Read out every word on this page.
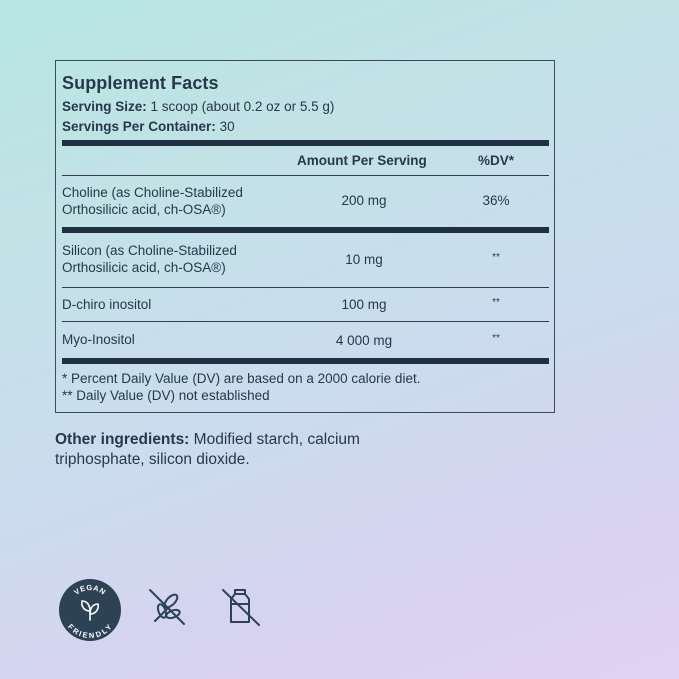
Supplement Facts
Serving Size: 1 scoop (about 0.2 oz or 5.5 g)
Servings Per Container: 30
Amount Per Serving	%DV*
Choline (as Choline-Stabilized
Orthosilicic acid, ch-OSA®)
200 mg	36%
Silicon (as Choline-Stabilized
Orthosilicic acid, ch-OSA®)
10 mg	**
D-chiro inositol	100 mg	**
Myo-Inositol	4 000 mg	**
* Percent Daily Value (DV) are based on a 2000 calorie diet.
** Daily Value (DV) not established
Other ingredients: Modified starch, calcium triphosphate, silicon dioxide.
VEGAN
FRIENDLY
